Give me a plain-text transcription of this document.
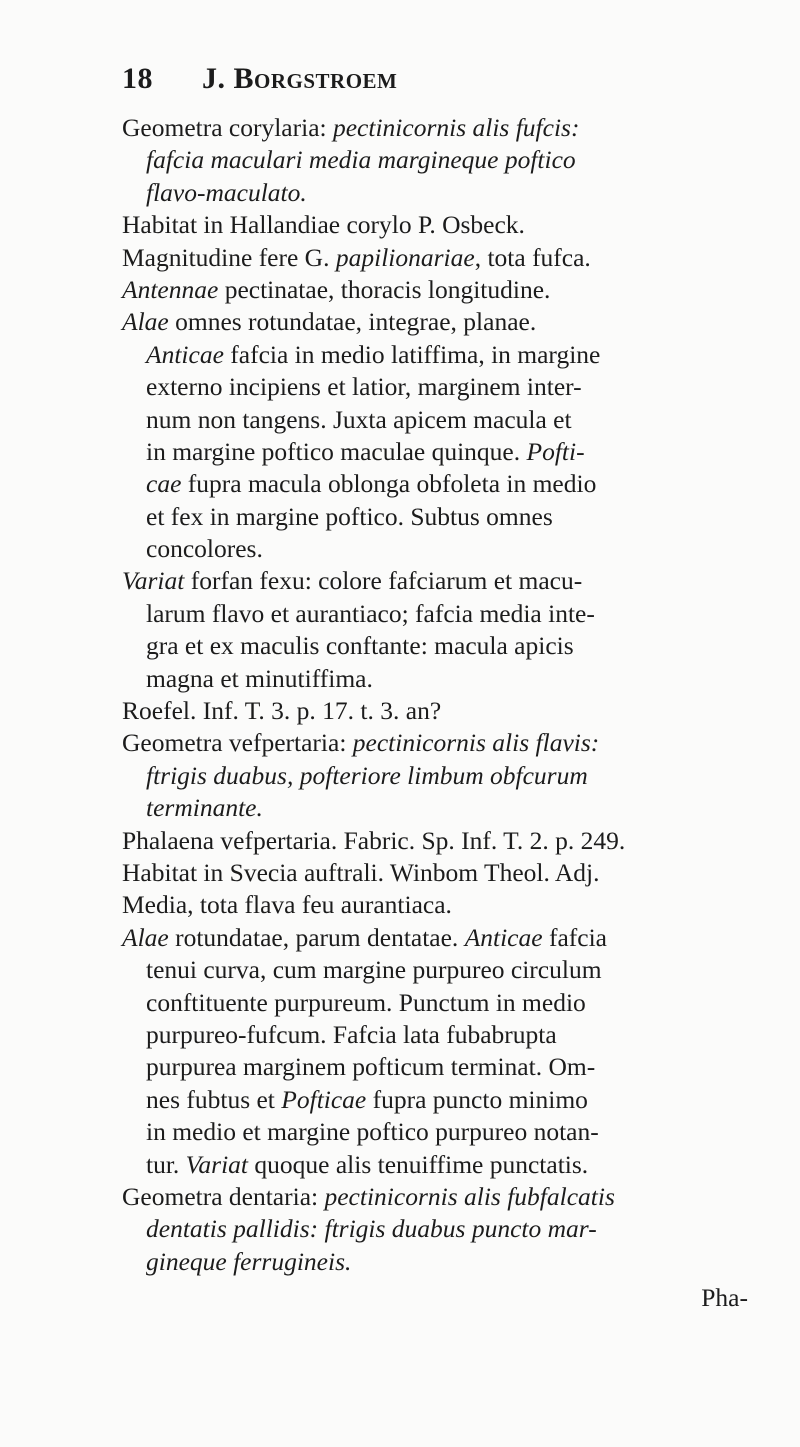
18 J. Borgstroem
Geometra corylaria: pectinicornis alis fufcis:
fafcia maculari media margineque poftico
flavo-maculato.
Habitat in Hallandiae corylo P. Osbeck.
Magnitudine fere G. papilionariae, tota fufca.
Antennae pectinatae, thoracis longitudine.
Alae omnes rotundatae, integrae, planae.
Anticae fafcia in medio latiffima, in margine
externo incipiens et latior, marginem inter-
num non tangens. Juxta apicem macula et
in margine poftico maculae quinque. Pofti-
cae fupra macula oblonga obfoleta in medio
et fex in margine poftico. Subtus omnes
concolores.
Variat forfan fexu: colore fafciarum et macu-
larum flavo et aurantiaco; fafcia media inte-
gra et ex maculis conftante: macula apicis
magna et minutiffima.
Roefel. Inf. T. 3. p. 17. t. 3. an?
Geometra vefpertaria: pectinicornis alis flavis:
ftrigis duabus, pofteriore limbum obfcurum
terminante.
Phalaena vefpertaria. Fabric. Sp. Inf. T. 2. p. 249.
Habitat in Svecia auftrali. Winbom Theol. Adj.
Media, tota flava feu aurantiaca.
Alae rotundatae, parum dentatae. Anticae fafcia
tenui curva, cum margine purpureo circulum
conftituente purpureum. Punctum in medio
purpureo-fufcum. Fafcia lata fubabrupta
purpurea marginem pofticum terminat. Om-
nes fubtus et Pofticae fupra puncto minimo
in medio et margine poftico purpureo notan-
tur. Variat quoque alis tenuiffime punctatis.
Geometra dentaria: pectinicornis alis fubfalcatis
dentatis pallidis: ftrigis duabus puncto mar-
gineque ferrugineis.
Pha-
